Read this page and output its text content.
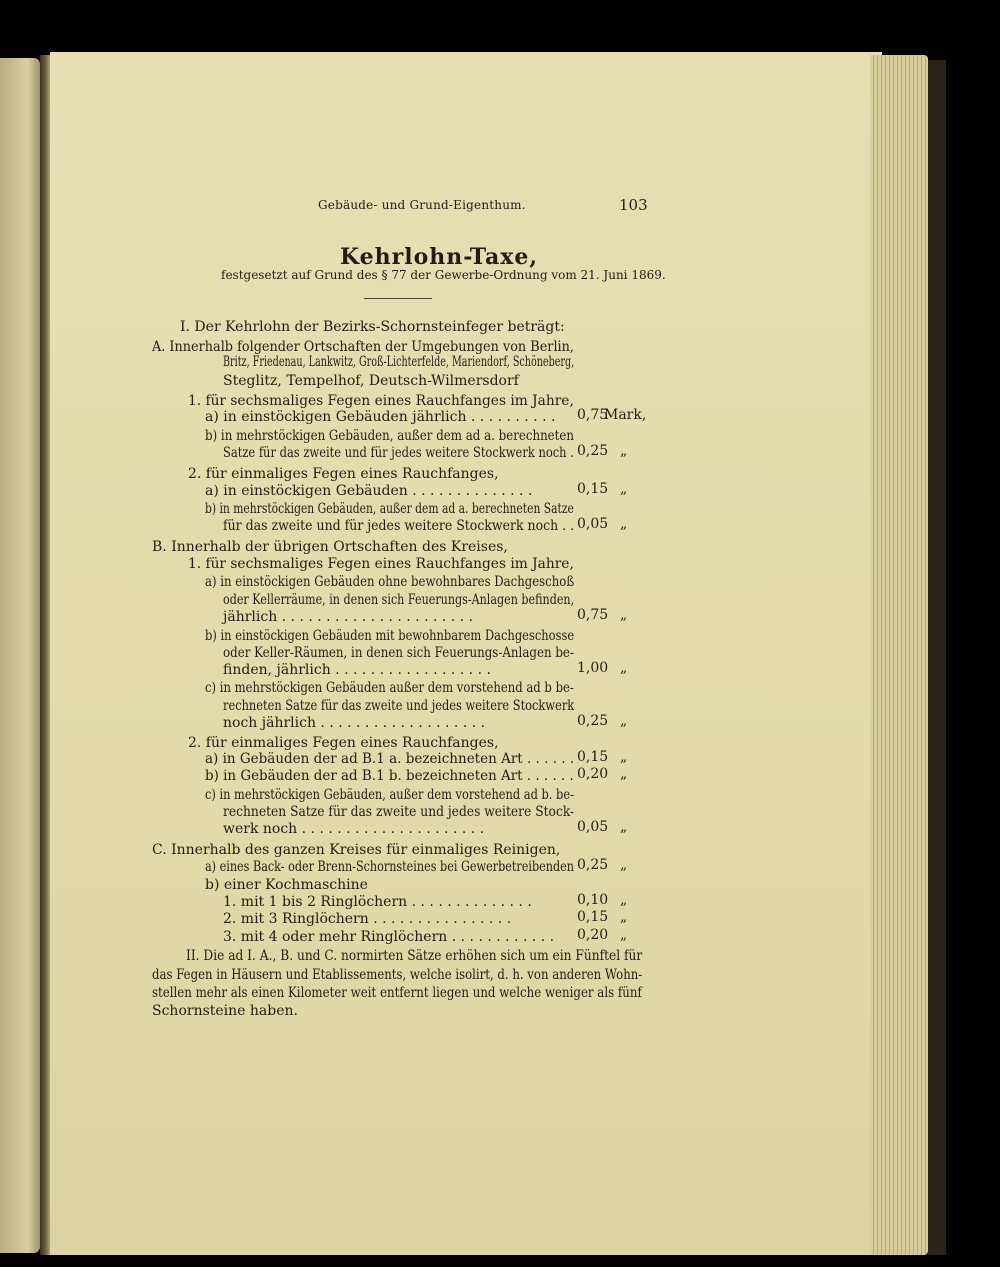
Gebäude- und Grund-Eigenthum.	103
Kehrlohn-Taxe,
festgesetzt auf Grund des § 77 der Gewerbe-Ordnung vom 21. Juni 1869.
I. Der Kehrlohn der Bezirks-Schornsteinfeger beträgt:
A. Innerhalb folgender Ortschaften der Umgebungen von Berlin,
Britz, Friedenau, Lankwitz, Groß-Lichterfelde, Mariendorf, Schöneberg,
Steglitz, Tempelhof, Deutsch-Wilmersdorf
1. für sechsmaliges Fegen eines Rauchfanges im Jahre,
a) in einstöckigen Gebäuden jährlich . . . . . . . . . .
b) in mehrstöckigen Gebäuden, außer dem ad a. berechneten
Satze für das zweite und für jedes weitere Stockwerk noch .
2. für einmaliges Fegen eines Rauchfanges,
a) in einstöckigen Gebäuden . . . . . . . . . . . . . .
b) in mehrstöckigen Gebäuden, außer dem ad a. berechneten Satze
für das zweite und für jedes weitere Stockwerk noch . .
B. Innerhalb der übrigen Ortschaften des Kreises,
1. für sechsmaliges Fegen eines Rauchfanges im Jahre,
a) in einstöckigen Gebäuden ohne bewohnbares Dachgeschoß
oder Kellerräume, in denen sich Feuerungs-Anlagen befinden,
jährlich . . . . . . . . . . . . . . . . . . . . . .
b) in einstöckigen Gebäuden mit bewohnbarem Dachgeschosse
oder Keller-Räumen, in denen sich Feuerungs-Anlagen be-
finden, jährlich . . . . . . . . . . . . . . . . . .
c) in mehrstöckigen Gebäuden außer dem vorstehend ad b be-
rechneten Satze für das zweite und jedes weitere Stockwerk
noch jährlich . . . . . . . . . . . . . . . . . . .
2. für einmaliges Fegen eines Rauchfanges,
a) in Gebäuden der ad B.1 a. bezeichneten Art . . . . . .
b) in Gebäuden der ad B.1 b. bezeichneten Art . . . . . .
c) in mehrstöckigen Gebäuden, außer dem vorstehend ad b. be-
rechneten Satze für das zweite und jedes weitere Stock-
werk noch . . . . . . . . . . . . . . . . . . . . .
C. Innerhalb des ganzen Kreises für einmaliges Reinigen,
a) eines Back- oder Brenn-Schornsteines bei Gewerbetreibenden
b) einer Kochmaschine
1. mit 1 bis 2 Ringlöchern . . . . . . . . . . . . . .
2. mit 3 Ringlöchern . . . . . . . . . . . . . . . .
3. mit 4 oder mehr Ringlöchern . . . . . . . . . . . .
II. Die ad I. A., B. und C. normirten Sätze erhöhen sich um ein Fünftel für
das Fegen in Häusern und Etablissements, welche isolirt, d. h. von anderen Wohn-
stellen mehr als einen Kilometer weit entfernt liegen und welche weniger als fünf
Schornsteine haben.
0,75
0,25
0,15
0,05
0,75
1,00
0,25
0,15
0,20
0,05
0,25
0,10
0,15
0,20
Mark,
„
„
„
„
„
„
„
„
„
„
„
„
„
